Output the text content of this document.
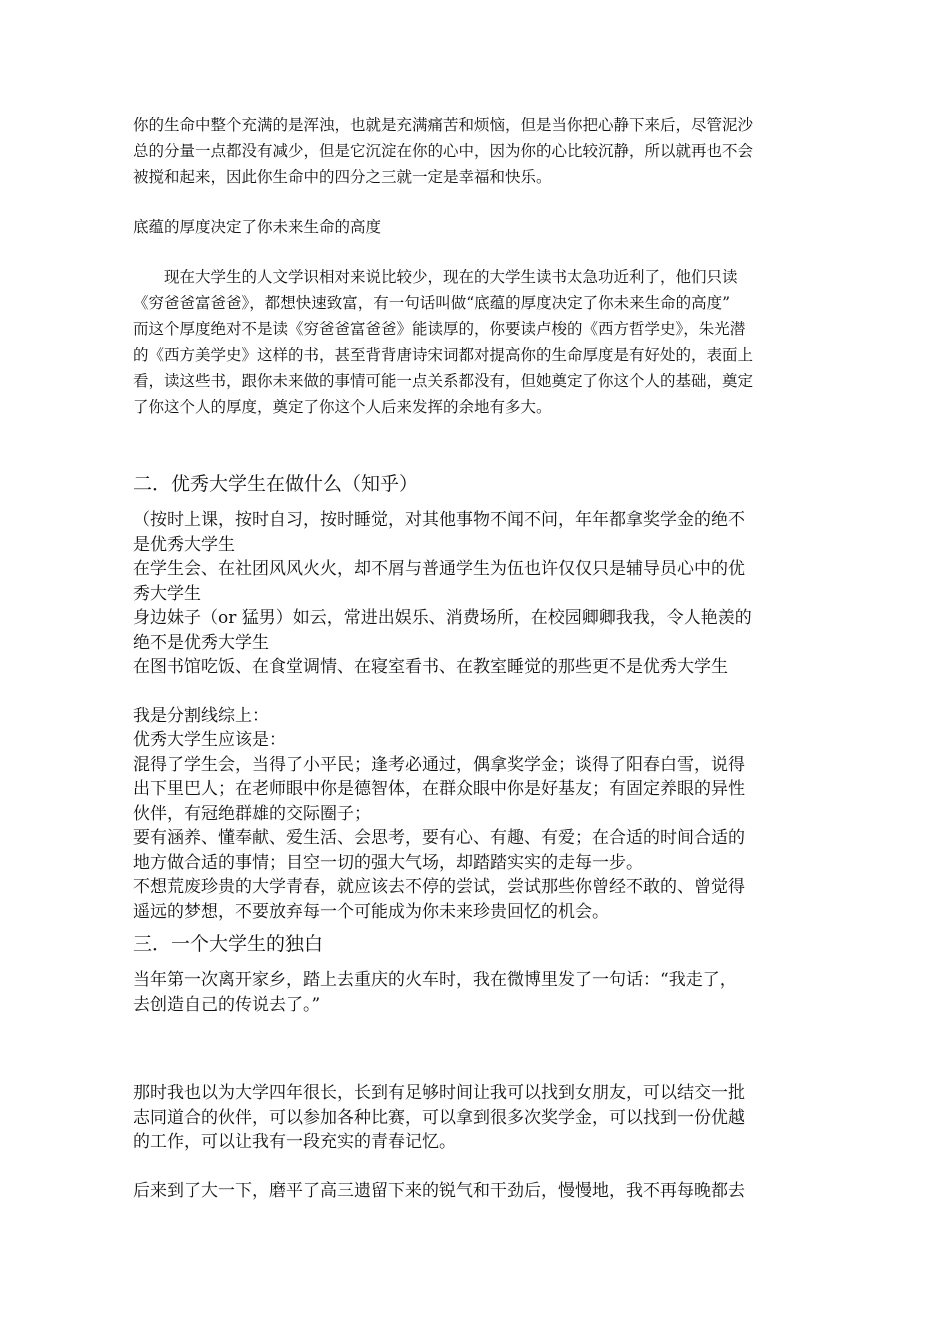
你的生命中整个充满的是浑浊，也就是充满痛苦和烦恼，但是当你把心静下来后，尽管泥沙
总的分量一点都没有减少，但是它沉淀在你的心中，因为你的心比较沉静，所以就再也不会
被搅和起来，因此你生命中的四分之三就一定是幸福和快乐。

底蕴的厚度决定了你未来生命的高度

　　现在大学生的人文学识相对来说比较少，现在的大学生读书太急功近利了，他们只读
《穷爸爸富爸爸》，都想快速致富，有一句话叫做“底蕴的厚度决定了你未来生命的高度”
而这个厚度绝对不是读《穷爸爸富爸爸》能读厚的，你要读卢梭的《西方哲学史》，朱光潜
的《西方美学史》这样的书，甚至背背唐诗宋词都对提高你的生命厚度是有好处的，表面上
看，读这些书，跟你未来做的事情可能一点关系都没有，但她奠定了你这个人的基础，奠定
了你这个人的厚度，奠定了你这个人后来发挥的余地有多大。

二．优秀大学生在做什么（知乎）

（按时上课，按时自习，按时睡觉，对其他事物不闻不问，年年都拿奖学金的绝不
是优秀大学生
在学生会、在社团风风火火，却不屑与普通学生为伍也许仅仅只是辅导员心中的优
秀大学生
身边妹子（or 猛男）如云，常进出娱乐、消费场所，在校园卿卿我我，令人艳羡的
绝不是优秀大学生
在图书馆吃饭、在食堂调情、在寝室看书、在教室睡觉的那些更不是优秀大学生

我是分割线综上：
优秀大学生应该是：
混得了学生会，当得了小平民；逢考必通过，偶拿奖学金；谈得了阳春白雪，说得
出下里巴人；在老师眼中你是德智体，在群众眼中你是好基友；有固定养眼的异性
伙伴，有冠绝群雄的交际圈子；
要有涵养、懂奉献、爱生活、会思考，要有心、有趣、有爱；在合适的时间合适的
地方做合适的事情；目空一切的强大气场，却踏踏实实的走每一步。
不想荒废珍贵的大学青春，就应该去不停的尝试，尝试那些你曾经不敢的、曾觉得
遥远的梦想，不要放弃每一个可能成为你未来珍贵回忆的机会。

三．一个大学生的独白

当年第一次离开家乡，踏上去重庆的火车时，我在微博里发了一句话：“我走了，
去创造自己的传说去了。”

那时我也以为大学四年很长，长到有足够时间让我可以找到女朋友，可以结交一批
志同道合的伙伴，可以参加各种比赛，可以拿到很多次奖学金，可以找到一份优越
的工作，可以让我有一段充实的青春记忆。

后来到了大一下，磨平了高三遗留下来的锐气和干劲后，慢慢地，我不再每晚都去
